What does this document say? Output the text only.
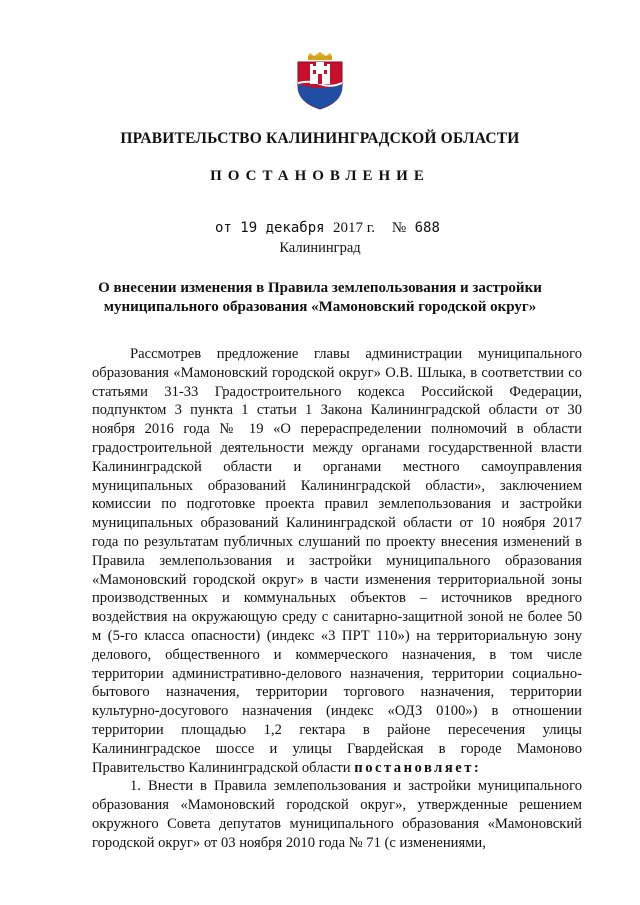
ПРАВИТЕЛЬСТВО КАЛИНИНГРАДСКОЙ ОБЛАСТИ
ПОСТАНОВЛЕНИЕ
от 19 декабря 2017 г. № 688
Калининград
О внесении изменения в Правила землепользования и застройки
муниципального образования «Мамоновский городской округ»

Рассмотрев предложение главы администрации муниципального образования «Мамоновский городской округ» О.В. Шлыка, в соответствии со статьями 31-33 Градостроительного кодекса Российской Федерации, подпунктом 3 пункта 1 статьи 1 Закона Калининградской области от 30 ноября 2016 года № 19 «О перераспределении полномочий в области градостроительной деятельности между органами государственной власти Калининградской области и органами местного самоуправления муниципальных образований Калининградской области», заключением комиссии по подготовке проекта правил землепользования и застройки муниципальных образований Калининградской области от 10 ноября 2017 года по результатам публичных слушаний по проекту внесения изменений в Правила землепользования и застройки муниципального образования «Мамоновский городской округ» в части изменения территориальной зоны производственных и коммунальных объектов – источников вредного воздействия на окружающую среду с санитарно-защитной зоной не более 50 м (5-го класса опасности) (индекс «3 ПРТ 110») на территориальную зону делового, общественного и коммерческого назначения, в том числе территории административно-делового назначения, территории социально-бытового назначения, территории торгового назначения, территории культурно-досугового назначения (индекс «ОДЗ 0100») в отношении территории площадью 1,2 гектара в районе пересечения улицы Калининградское шоссе и улицы Гвардейская в городе Мамоново Правительство Калининградской области постановляет:

1. Внести в Правила землепользования и застройки муниципального образования «Мамоновский городской округ», утвержденные решением окружного Совета депутатов муниципального образования «Мамоновский городской округ» от 03 ноября 2010 года № 71 (с изменениями,
